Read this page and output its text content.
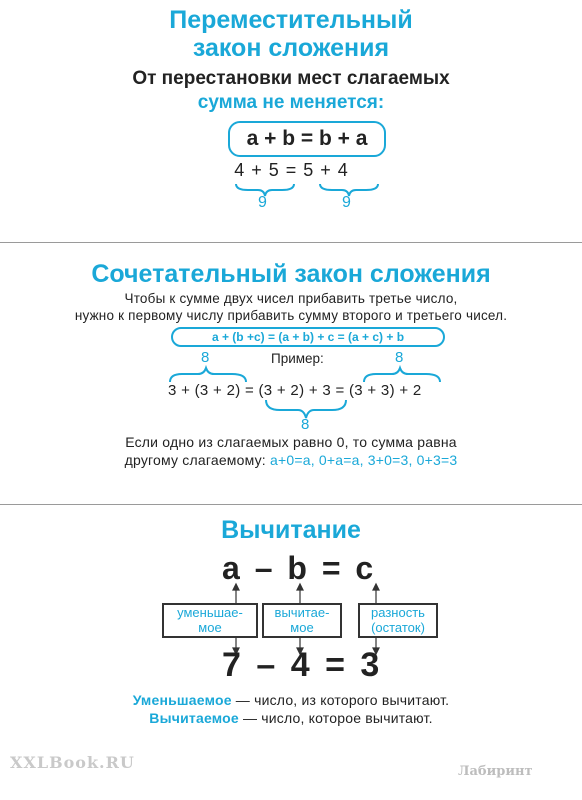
Переместительный
закон сложения
От перестановки мест слагаемых
сумма не меняется:
a + b = b + a
4 + 5 = 5 + 4
9	9
Сочетательный закон сложения
Чтобы к сумме двух чисел прибавить третье число,
нужно к первому числу прибавить сумму второго и третьего чисел.
a + (b +c) = (a + b) + c = (a + c) + b
8	Пример:	8
3 + (3 + 2) = (3 + 2) + 3 = (3 + 3) + 2
8
Если одно из слагаемых равно 0, то сумма равна
другому слагаемому: a+0=a, 0+a=a, 3+0=3, 0+3=3
Вычитание
a – b = c
уменьшае-
мое
вычитае-
мое
разность
(остаток)
7 – 4 = 3
Уменьшаемое — число, из которого вычитают.
Вычитаемое — число, которое вычитают.
XXLBook.RU	Лабиринт
